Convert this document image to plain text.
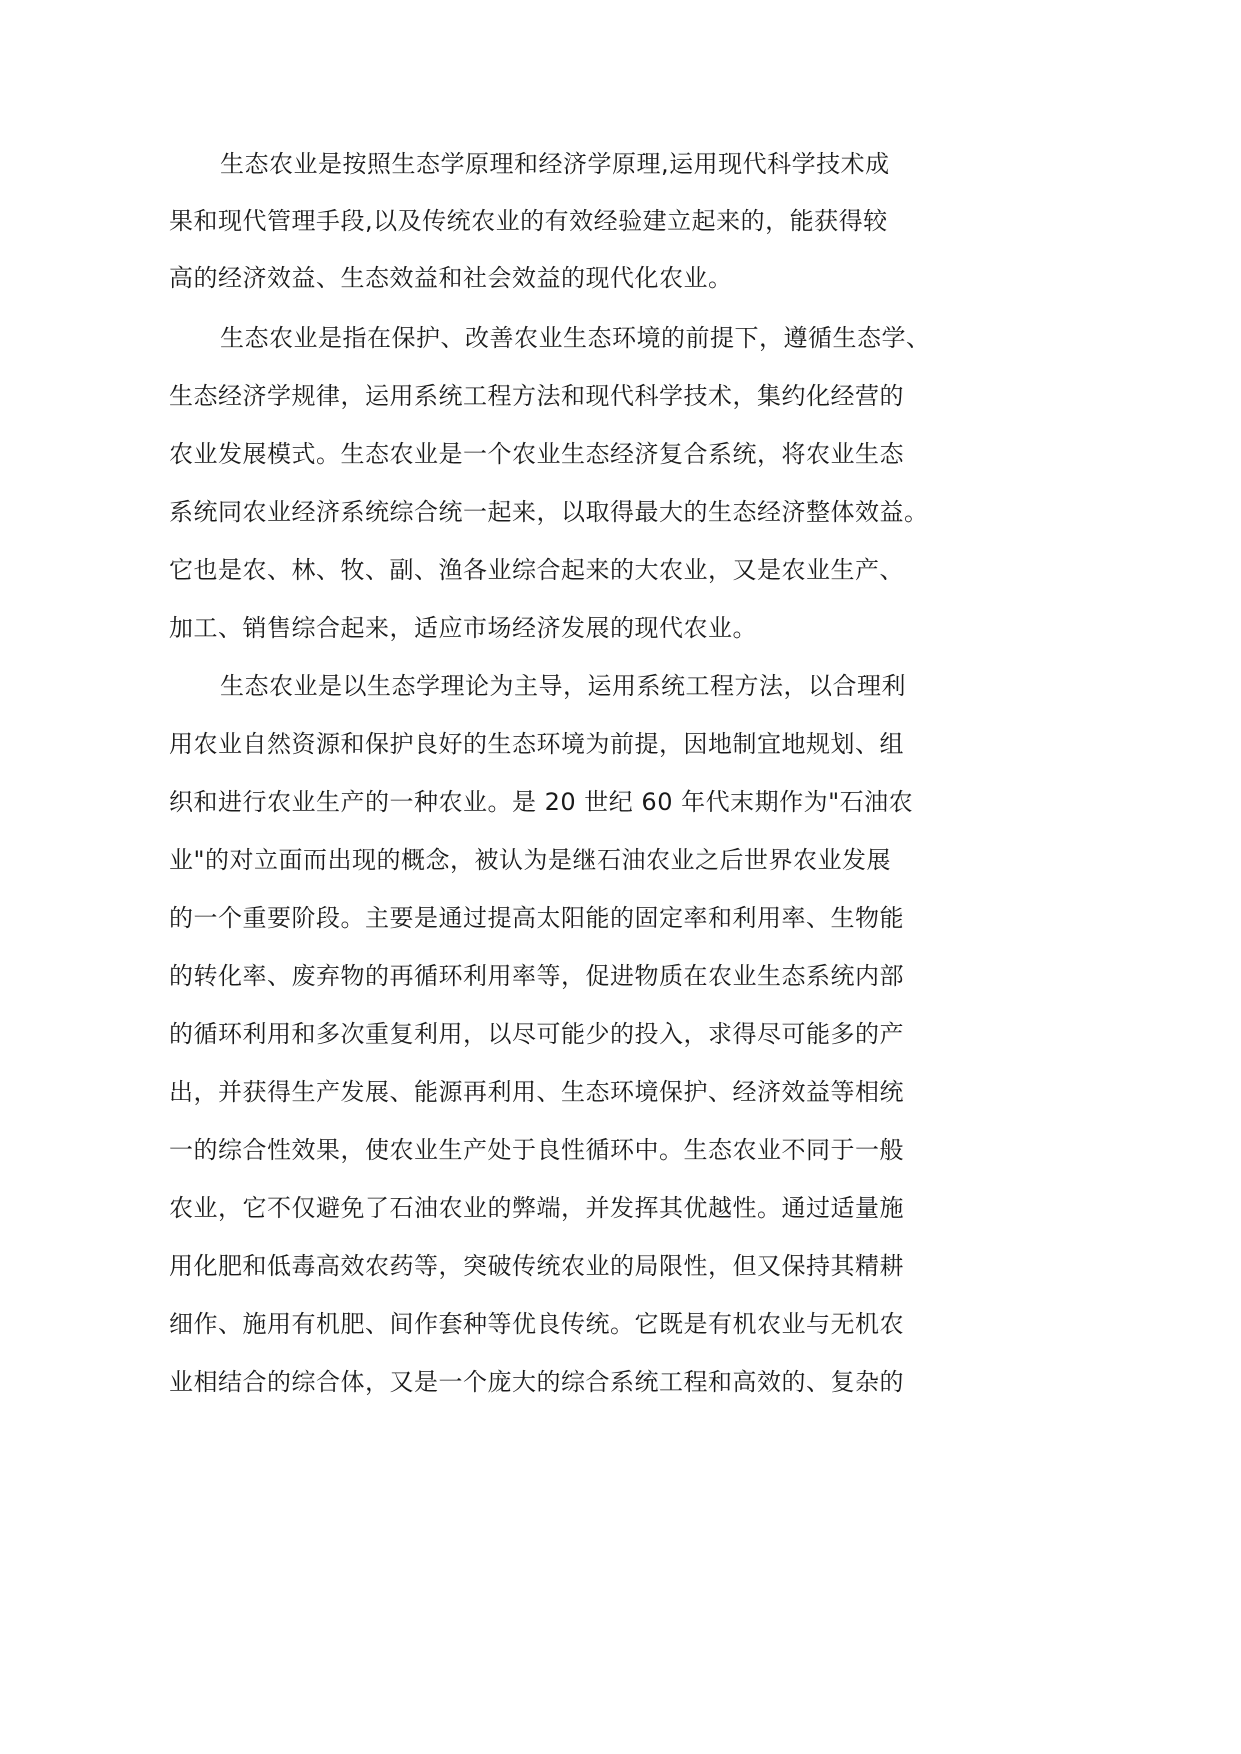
生态农业是按照生态学原理和经济学原理,运用现代科学技术成

果和现代管理手段,以及传统农业的有效经验建立起来的，能获得较

高的经济效益、生态效益和社会效益的现代化农业。

生态农业是指在保护、改善农业生态环境的前提下，遵循生态学、

生态经济学规律，运用系统工程方法和现代科学技术，集约化经营的

农业发展模式。生态农业是一个农业生态经济复合系统，将农业生态

系统同农业经济系统综合统一起来，以取得最大的生态经济整体效益。

它也是农、林、牧、副、渔各业综合起来的大农业，又是农业生产、

加工、销售综合起来，适应市场经济发展的现代农业。

生态农业是以生态学理论为主导，运用系统工程方法，以合理利

用农业自然资源和保护良好的生态环境为前提，因地制宜地规划、组

织和进行农业生产的一种农业。是 20 世纪 60 年代末期作为"石油农

业"的对立面而出现的概念，被认为是继石油农业之后世界农业发展

的一个重要阶段。主要是通过提高太阳能的固定率和利用率、生物能

的转化率、废弃物的再循环利用率等，促进物质在农业生态系统内部

的循环利用和多次重复利用，以尽可能少的投入，求得尽可能多的产

出，并获得生产发展、能源再利用、生态环境保护、经济效益等相统

一的综合性效果，使农业生产处于良性循环中。生态农业不同于一般

农业，它不仅避免了石油农业的弊端，并发挥其优越性。通过适量施

用化肥和低毒高效农药等，突破传统农业的局限性，但又保持其精耕

细作、施用有机肥、间作套种等优良传统。它既是有机农业与无机农

业相结合的综合体，又是一个庞大的综合系统工程和高效的、复杂的
